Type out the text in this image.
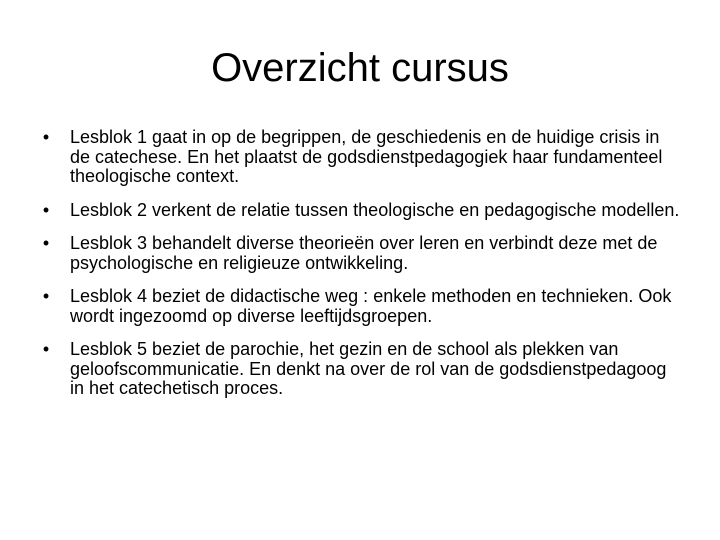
Overzicht cursus
•	Lesblok 1 gaat in op de begrippen, de geschiedenis en de huidige crisis in de catechese. En het plaatst de godsdienstpedagogiek haar fundamenteel theologische context.
•	Lesblok 2 verkent de relatie tussen theologische en pedagogische modellen.
•	Lesblok 3 behandelt diverse theorieën over leren en verbindt deze met de psychologische en religieuze ontwikkeling.
•	Lesblok 4 beziet de didactische weg : enkele methoden en technieken. Ook wordt ingezoomd op diverse leeftijdsgroepen.
•	Lesblok 5 beziet de parochie, het gezin en de school als plekken van geloofscommunicatie. En denkt na over de rol van de godsdienstpedagoog in het catechetisch proces.
